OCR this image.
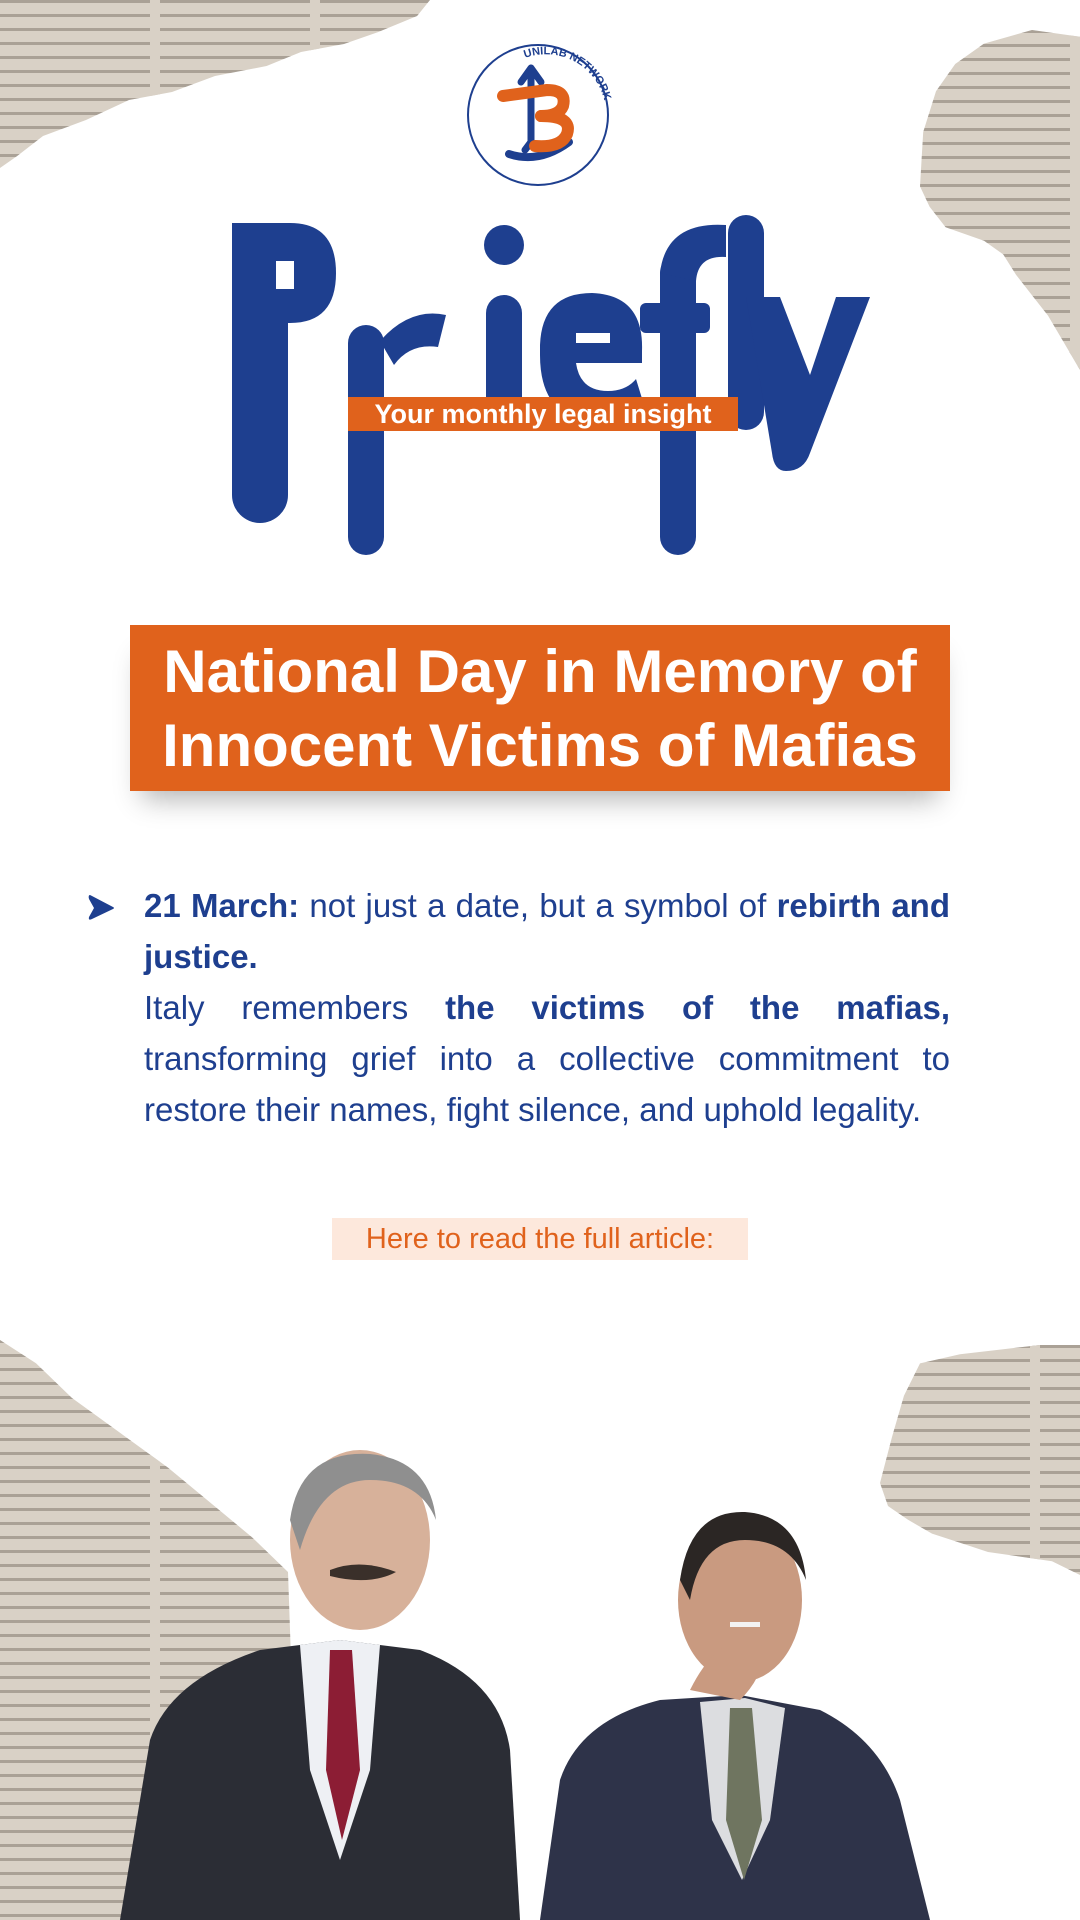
UNILAB NETWORK
Your monthly legal insight

National Day in Memory of
Innocent Victims of Mafias

21 March: not just a date, but a symbol of rebirth and justice.

Italy remembers the victims of the mafias, transforming grief into a collective commitment to restore their names, fight silence, and uphold legality.

Here to read the full article:
